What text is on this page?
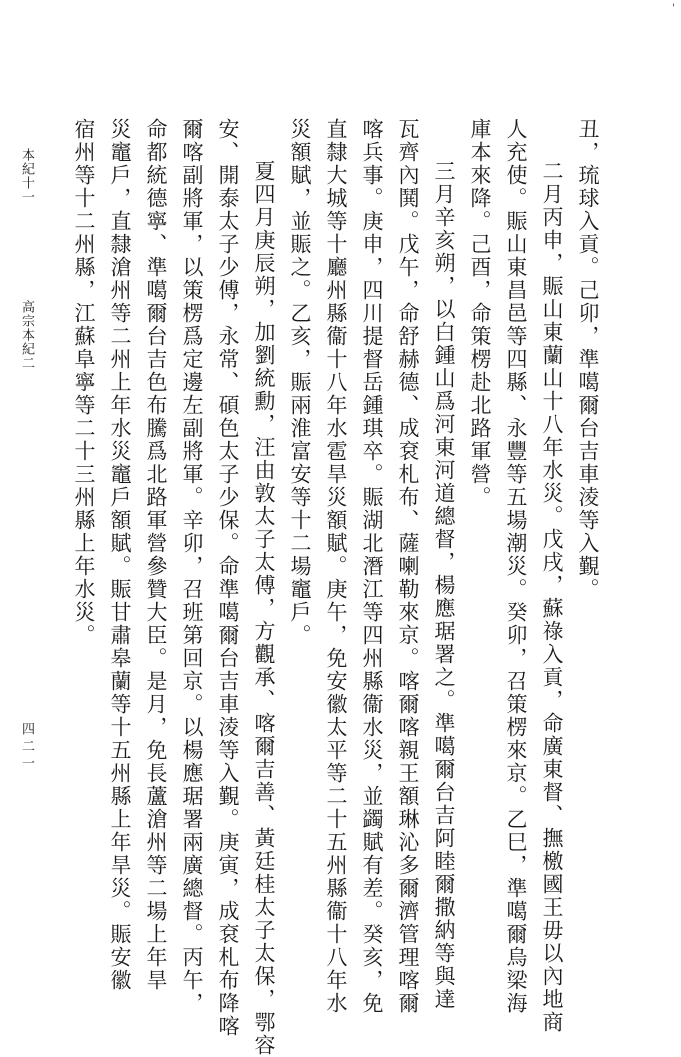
'
丑，琉球入貢。己卯，準噶爾台吉車淩等入覲。
二月丙申，賑山東蘭山十八年水災。戊戌，蘇祿入貢，命廣東督、撫檄國王毋以內地商
人充使。賑山東昌邑等四縣、永豐等五場潮災。癸卯，召策楞來京。乙巳，準噶爾烏梁海
庫本來降。己酉，命策楞赴北路軍營。
三月辛亥朔，以白鍾山爲河東河道總督，楊應琚署之。準噶爾台吉阿睦爾撒納等與達
瓦齊內鬨。戊午，命舒赫德、成袞札布、薩喇勒來京。喀爾喀親王額琳沁多爾濟管理喀爾
喀兵事。庚申，四川提督岳鍾琪卒。賑湖北潛江等四州縣衞水災，並蠲賦有差。癸亥，免
直隸大城等十廳州縣衞十八年水雹旱災額賦。庚午，免安徽太平等二十五州縣衞十八年水
災額賦，並賑之。乙亥，賑兩淮富安等十二場竈戶。
夏四月庚辰朔，加劉統勳，汪由敦太子太傅，方觀承、喀爾吉善、黃廷桂太子太保，鄂容
安、開泰太子少傅，永常、碩色太子少保。命準噶爾台吉車淩等入覲。庚寅，成袞札布降喀
爾喀副將軍，以策楞爲定邊左副將軍。辛卯，召班第回京。以楊應琚署兩廣總督。丙午，
命都統德寧、準噶爾台吉色布騰爲北路軍營參贊大臣。是月，免長蘆滄州等二場上年旱
災竈戶，直隸滄州等二州上年水災竈戶額賦。賑甘肅皋蘭等十五州縣上年旱災。賑安徽
宿州等十二州縣，江蘇阜寧等二十三州縣上年水災。
本紀十一
高宗本紀二
四二一
